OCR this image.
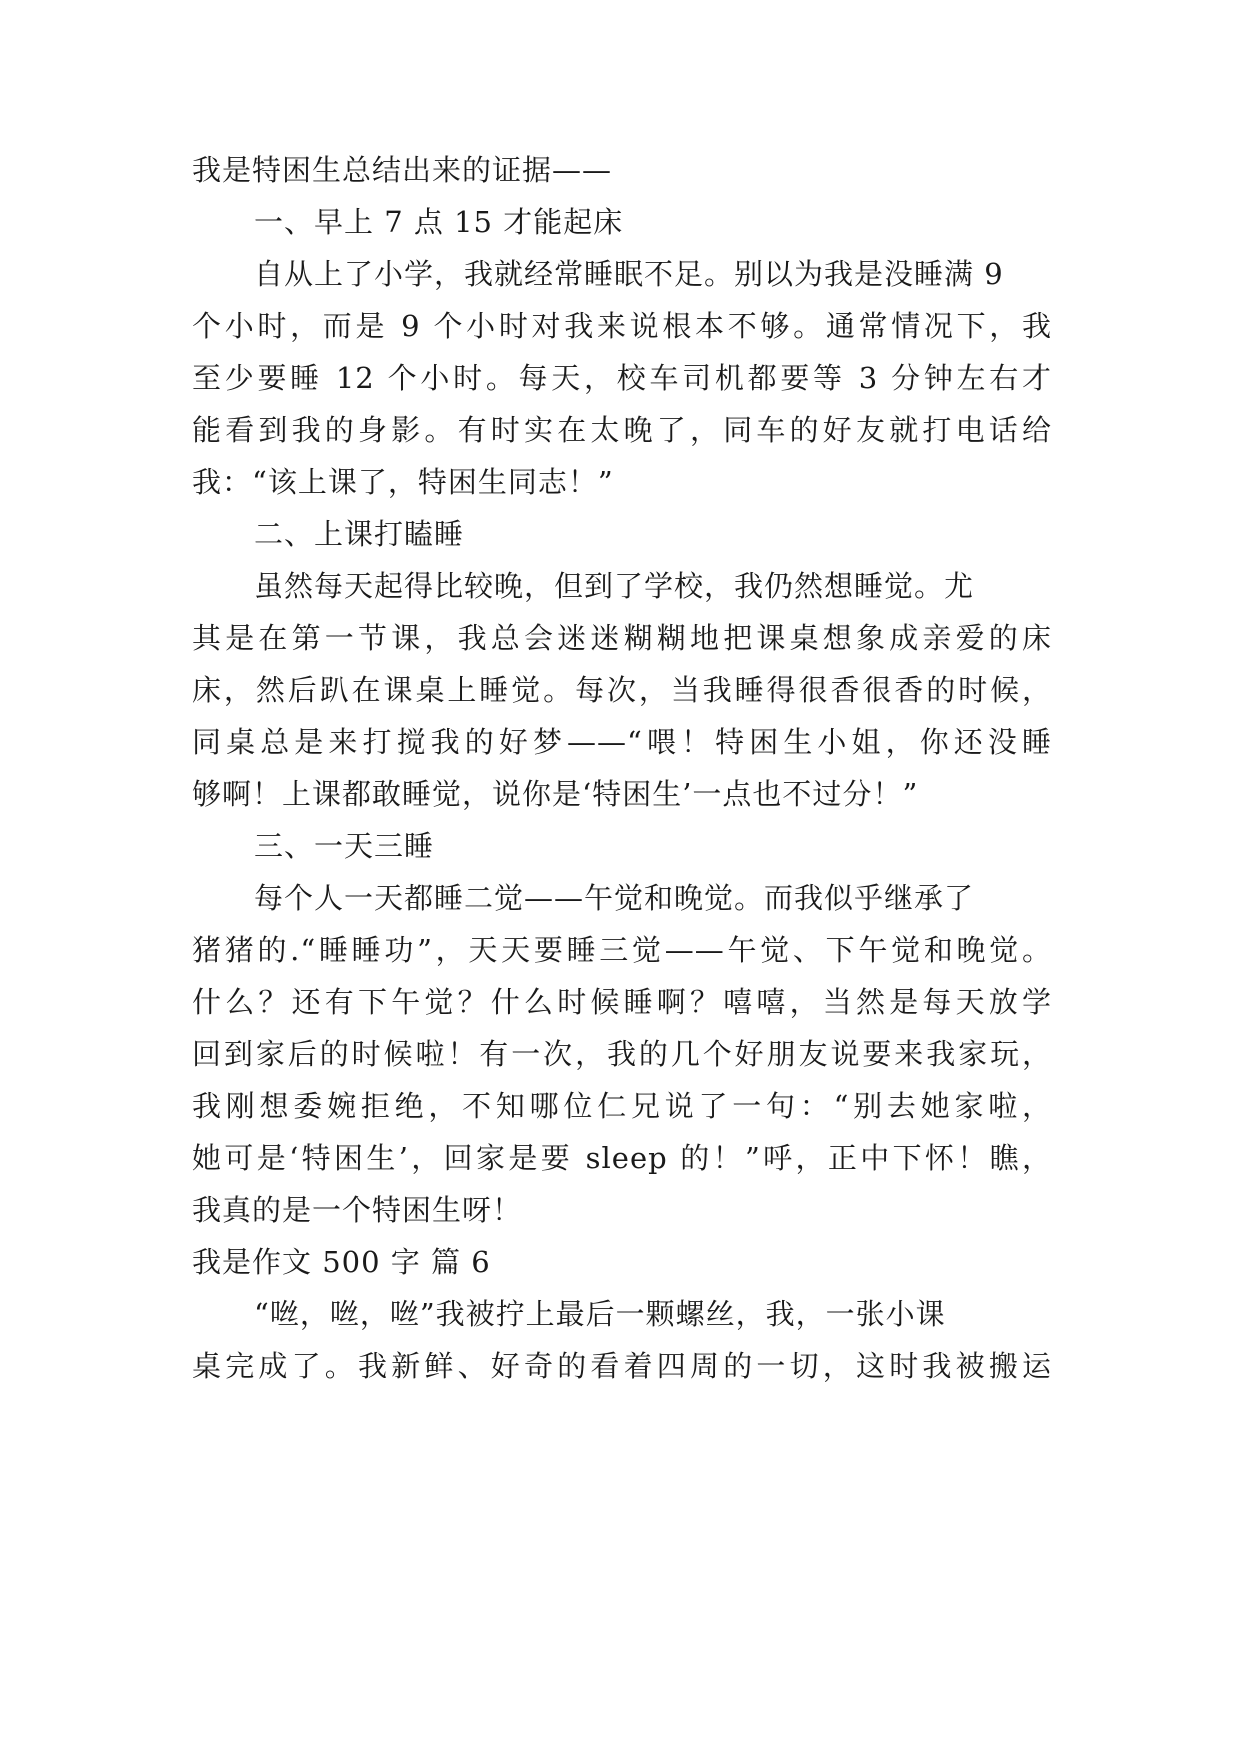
我是特困生总结出来的证据——
一、早上 7 点 15 才能起床
自从上了小学，我就经常睡眠不足。别以为我是没睡满 9
个小时，而是 9 个小时对我来说根本不够。通常情况下，我
至少要睡 12 个小时。每天，校车司机都要等 3 分钟左右才
能看到我的身影。有时实在太晚了，同车的好友就打电话给
我：“该上课了，特困生同志！”
二、上课打瞌睡
虽然每天起得比较晚，但到了学校，我仍然想睡觉。尤
其是在第一节课，我总会迷迷糊糊地把课桌想象成亲爱的床
床，然后趴在课桌上睡觉。每次，当我睡得很香很香的时候，
同桌总是来打搅我的好梦——“喂！特困生小姐，你还没睡
够啊！上课都敢睡觉，说你是‘特困生’一点也不过分！”
三、一天三睡
每个人一天都睡二觉——午觉和晚觉。而我似乎继承了
猪猪的.“睡睡功”，天天要睡三觉——午觉、下午觉和晚觉。
什么？还有下午觉？什么时候睡啊？嘻嘻，当然是每天放学
回到家后的时候啦！有一次，我的几个好朋友说要来我家玩，
我刚想委婉拒绝，不知哪位仁兄说了一句：“别去她家啦，
她可是‘特困生’，回家是要 sleep 的！”呼，正中下怀！瞧，
我真的是一个特困生呀！
我是作文 500 字 篇 6
“咝，咝，咝”我被拧上最后一颗螺丝，我，一张小课
桌完成了。我新鲜、好奇的看着四周的一切，这时我被搬运
